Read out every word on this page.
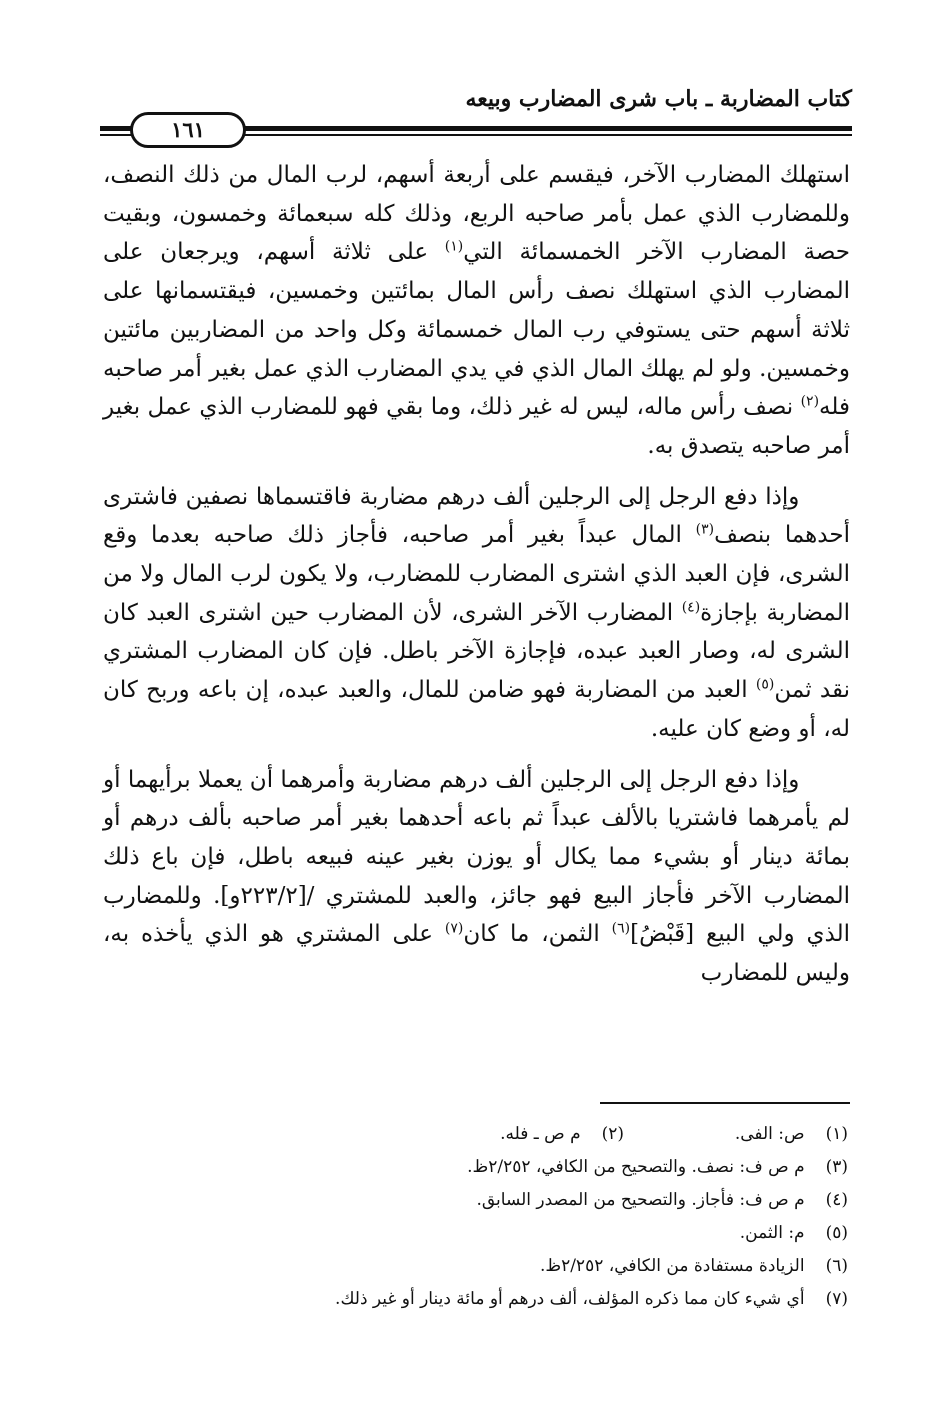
كتاب المضاربة ـ باب شرى المضارب وبيعه
١٦١

استهلك المضارب الآخر، فيقسم على أربعة أسهم، لرب المال من ذلك النصف، وللمضارب الذي عمل بأمر صاحبه الربع، وذلك كله سبعمائة وخمسون، وبقيت حصة المضارب الآخر الخمسمائة التي$^{(١)}$ على ثلاثة أسهم، ويرجعان على المضارب الذي استهلك نصف رأس المال بمائتين وخمسين، فيقتسمانها على ثلاثة أسهم حتى يستوفي رب المال خمسمائة وكل واحد من المضاربين مائتين وخمسين. ولو لم يهلك المال الذي في يدي المضارب الذي عمل بغير أمر صاحبه فله$^{(٢)}$ نصف رأس ماله، ليس له غير ذلك، وما بقي فهو للمضارب الذي عمل بغير أمر صاحبه يتصدق به.

وإذا دفع الرجل إلى الرجلين ألف درهم مضاربة فاقتسماها نصفين فاشترى أحدهما بنصف$^{(٣)}$ المال عبداً بغير أمر صاحبه، فأجاز ذلك صاحبه بعدما وقع الشرى، فإن العبد الذي اشترى المضارب للمضارب، ولا يكون لرب المال ولا من المضاربة بإجازة$^{(٤)}$ المضارب الآخر الشرى، لأن المضارب حين اشترى العبد كان الشرى له، وصار العبد عبده، فإجازة الآخر باطل. فإن كان المضارب المشتري نقد ثمن$^{(٥)}$ العبد من المضاربة فهو ضامن للمال، والعبد عبده، إن باعه وربح كان له، أو وضع كان عليه.

وإذا دفع الرجل إلى الرجلين ألف درهم مضاربة وأمرهما أن يعملا برأيهما أو لم يأمرهما فاشتريا بالألف عبداً ثم باعه أحدهما بغير أمر صاحبه بألف درهم أو بمائة دينار أو بشيء مما يكال أو يوزن بغير عينه فبيعه باطل، فإن باع ذلك المضارب الآخر فأجاز البيع فهو جائز، والعبد للمشتري /[٢٢٣/٢و]. وللمضارب الذي ولي البيع [قَبْضُ]$^{(٦)}$ الثمن، ما كان$^{(٧)}$ على المشتري هو الذي يأخذه به، وليس للمضارب

(١) ص: الفى.  (٢) م ص ـ فله.
(٣) م ص ف: نصف. والتصحيح من الكافي، ٢/٢٥٢ظ.
(٤) م ص ف: فأجاز. والتصحيح من المصدر السابق.
(٥) م: الثمن.
(٦) الزيادة مستفادة من الكافي، ٢/٢٥٢ظ.
(٧) أي شيء كان مما ذكره المؤلف، ألف درهم أو مائة دينار أو غير ذلك.
